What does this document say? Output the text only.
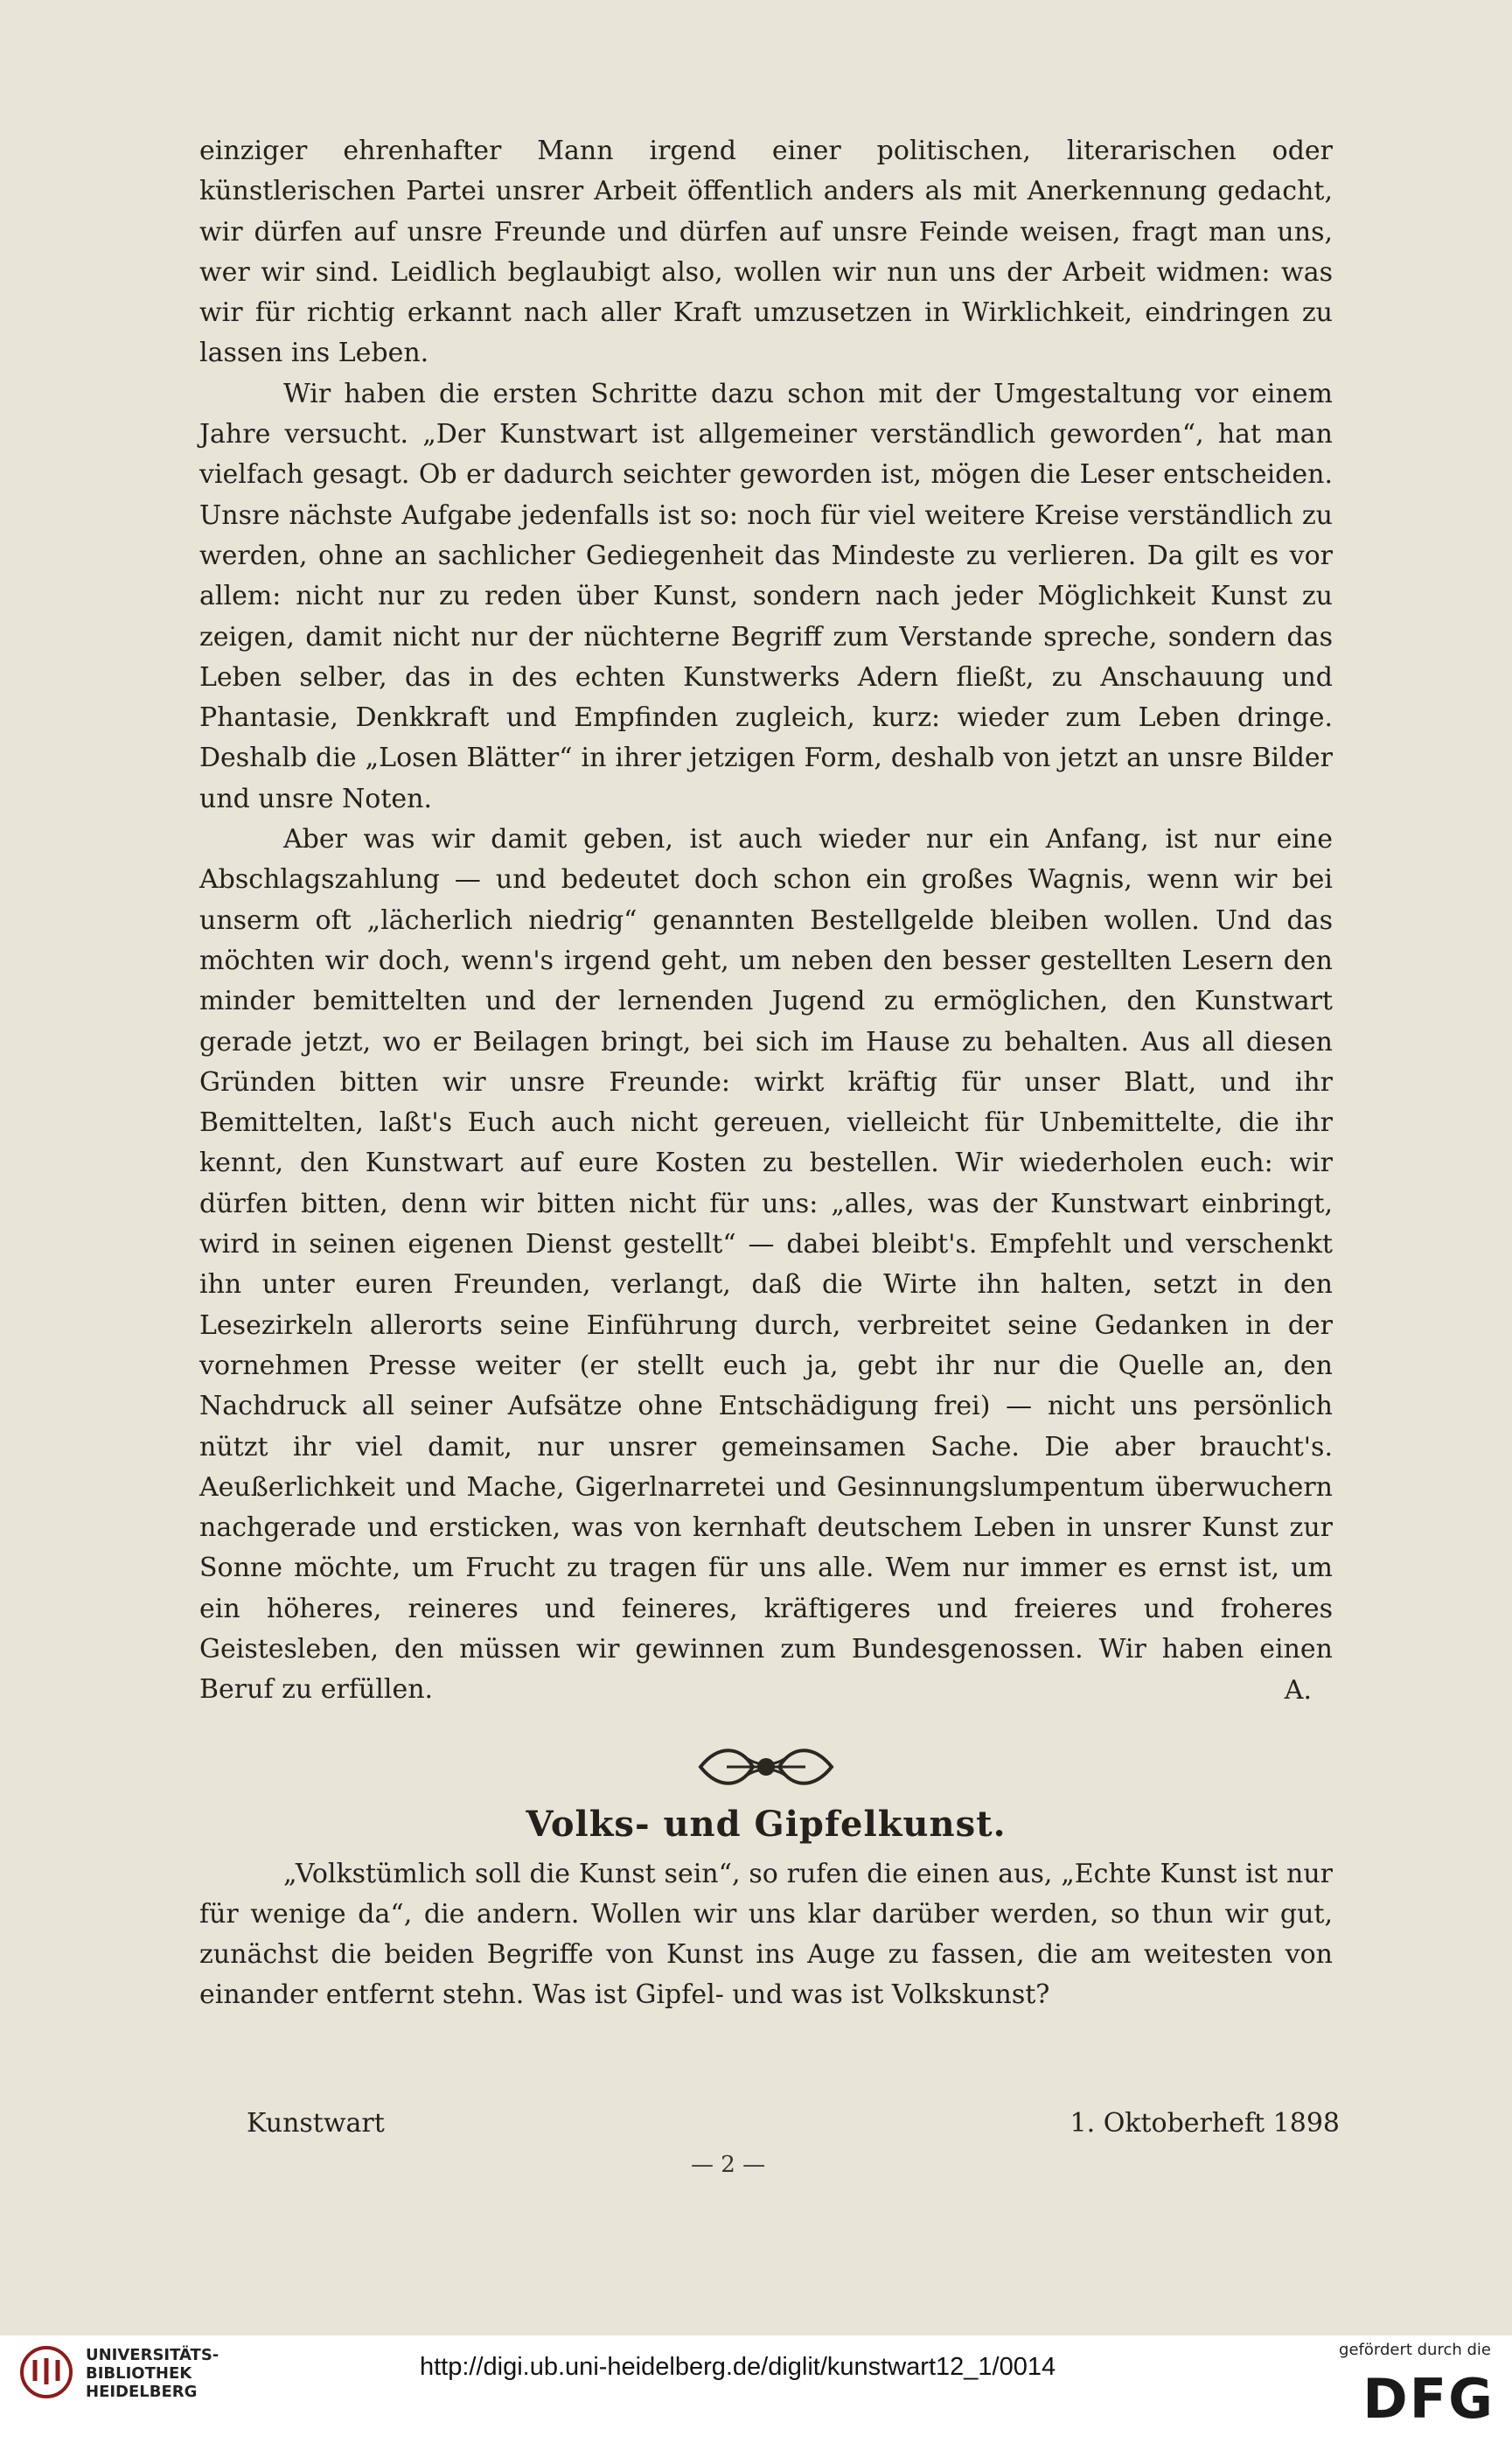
einziger ehrenhafter Mann irgend einer politischen, literarischen oder künstlerischen Partei unsrer Arbeit öffentlich anders als mit Anerkennung gedacht, wir dürfen auf unsre Freunde und dürfen auf unsre Feinde weisen, fragt man uns, wer wir sind. Leidlich beglaubigt also, wollen wir nun uns der Arbeit widmen: was wir für richtig erkannt nach aller Kraft umzusetzen in Wirklichkeit, eindringen zu lassen ins Leben.

Wir haben die ersten Schritte dazu schon mit der Umgestaltung vor einem Jahre versucht. „Der Kunstwart ist allgemeiner verständlich geworden“, hat man vielfach gesagt. Ob er dadurch seichter geworden ist, mögen die Leser entscheiden. Unsre nächste Aufgabe jedenfalls ist so: noch für viel weitere Kreise verständlich zu werden, ohne an sachlicher Gediegenheit das Mindeste zu verlieren. Da gilt es vor allem: nicht nur zu reden über Kunst, sondern nach jeder Möglichkeit Kunst zu zeigen, damit nicht nur der nüchterne Begriff zum Verstande spreche, sondern das Leben selber, das in des echten Kunstwerks Adern fließt, zu Anschauung und Phantasie, Denkkraft und Empfinden zugleich, kurz: wieder zum Leben dringe. Deshalb die „Losen Blätter“ in ihrer jetzigen Form, deshalb von jetzt an unsre Bilder und unsre Noten.

Aber was wir damit geben, ist auch wieder nur ein Anfang, ist nur eine Abschlagszahlung — und bedeutet doch schon ein großes Wagnis, wenn wir bei unserm oft „lächerlich niedrig“ genannten Bestellgelde bleiben wollen. Und das möchten wir doch, wenn's irgend geht, um neben den besser gestellten Lesern den minder bemittelten und der lernenden Jugend zu ermöglichen, den Kunstwart gerade jetzt, wo er Beilagen bringt, bei sich im Hause zu behalten. Aus all diesen Gründen bitten wir unsre Freunde: wirkt kräftig für unser Blatt, und ihr Bemittelten, laßt's Euch auch nicht gereuen, vielleicht für Unbemittelte, die ihr kennt, den Kunstwart auf eure Kosten zu bestellen. Wir wiederholen euch: wir dürfen bitten, denn wir bitten nicht für uns: „alles, was der Kunstwart einbringt, wird in seinen eigenen Dienst gestellt“ — dabei bleibt's. Empfehlt und verschenkt ihn unter euren Freunden, verlangt, daß die Wirte ihn halten, setzt in den Lesezirkeln allerorts seine Einführung durch, verbreitet seine Gedanken in der vornehmen Presse weiter (er stellt euch ja, gebt ihr nur die Quelle an, den Nachdruck all seiner Aufsätze ohne Entschädigung frei) — nicht uns persönlich nützt ihr viel damit, nur unsrer gemeinsamen Sache. Die aber braucht's. Aeußerlichkeit und Mache, Gigerlnarretei und Gesinnungslumpentum überwuchern nachgerade und ersticken, was von kernhaft deutschem Leben in unsrer Kunst zur Sonne möchte, um Frucht zu tragen für uns alle. Wem nur immer es ernst ist, um ein höheres, reineres und feineres, kräftigeres und freieres und froheres Geistesleben, den müssen wir gewinnen zum Bundesgenossen. Wir haben einen Beruf zu erfüllen.	A.
Volks- und Gipfelkunst.

„Volkstümlich soll die Kunst sein“, so rufen die einen aus, „Echte Kunst ist nur für wenige da“, die andern. Wollen wir uns klar darüber werden, so thun wir gut, zunächst die beiden Begriffe von Kunst ins Auge zu fassen, die am weitesten von einander entfernt stehn. Was ist Gipfel- und was ist Volkskunst?

Kunstwart	1. Oktoberheft 1898
— 2 —
UNIVERSITÄTS-
BIBLIOTHEK
HEIDELBERG
http://digi.ub.uni-heidelberg.de/diglit/kunstwart12_1/0014
gefördert durch die
DFG
